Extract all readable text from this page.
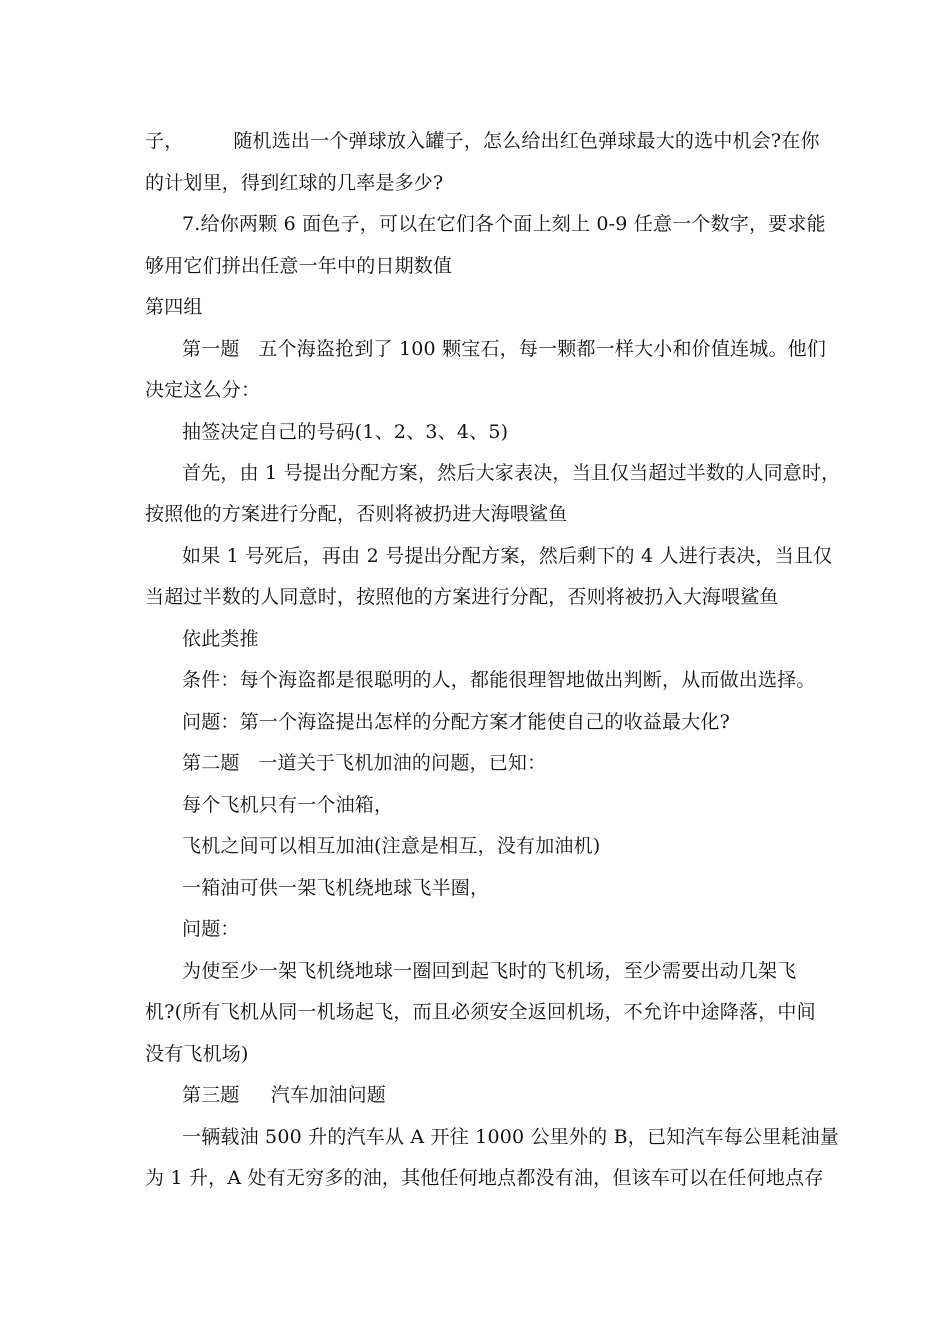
子，        随机选出一个弹球放入罐子，怎么给出红色弹球最大的选中机会?在你
的计划里，得到红球的几率是多少?
7.给你两颗 6 面色子，可以在它们各个面上刻上 0-9 任意一个数字，要求能
够用它们拼出任意一年中的日期数值
第四组
第一题   五个海盗抢到了 100 颗宝石，每一颗都一样大小和价值连城。他们
决定这么分：
抽签决定自己的号码(1、2、3、4、5)
首先，由 1 号提出分配方案，然后大家表决，当且仅当超过半数的人同意时，
按照他的方案进行分配，否则将被扔进大海喂鲨鱼
如果 1 号死后，再由 2 号提出分配方案，然后剩下的 4 人进行表决，当且仅
当超过半数的人同意时，按照他的方案进行分配，否则将被扔入大海喂鲨鱼
依此类推
条件：每个海盗都是很聪明的人，都能很理智地做出判断，从而做出选择。
问题：第一个海盗提出怎样的分配方案才能使自己的收益最大化?
第二题   一道关于飞机加油的问题，已知：
每个飞机只有一个油箱，
飞机之间可以相互加油(注意是相互，没有加油机)
一箱油可供一架飞机绕地球飞半圈，
问题：
为使至少一架飞机绕地球一圈回到起飞时的飞机场，至少需要出动几架飞
机?(所有飞机从同一机场起飞，而且必须安全返回机场，不允许中途降落，中间
没有飞机场)
第三题     汽车加油问题
一辆载油 500 升的汽车从 A 开往 1000 公里外的 B，已知汽车每公里耗油量
为 1 升，A 处有无穷多的油，其他任何地点都没有油，但该车可以在任何地点存
